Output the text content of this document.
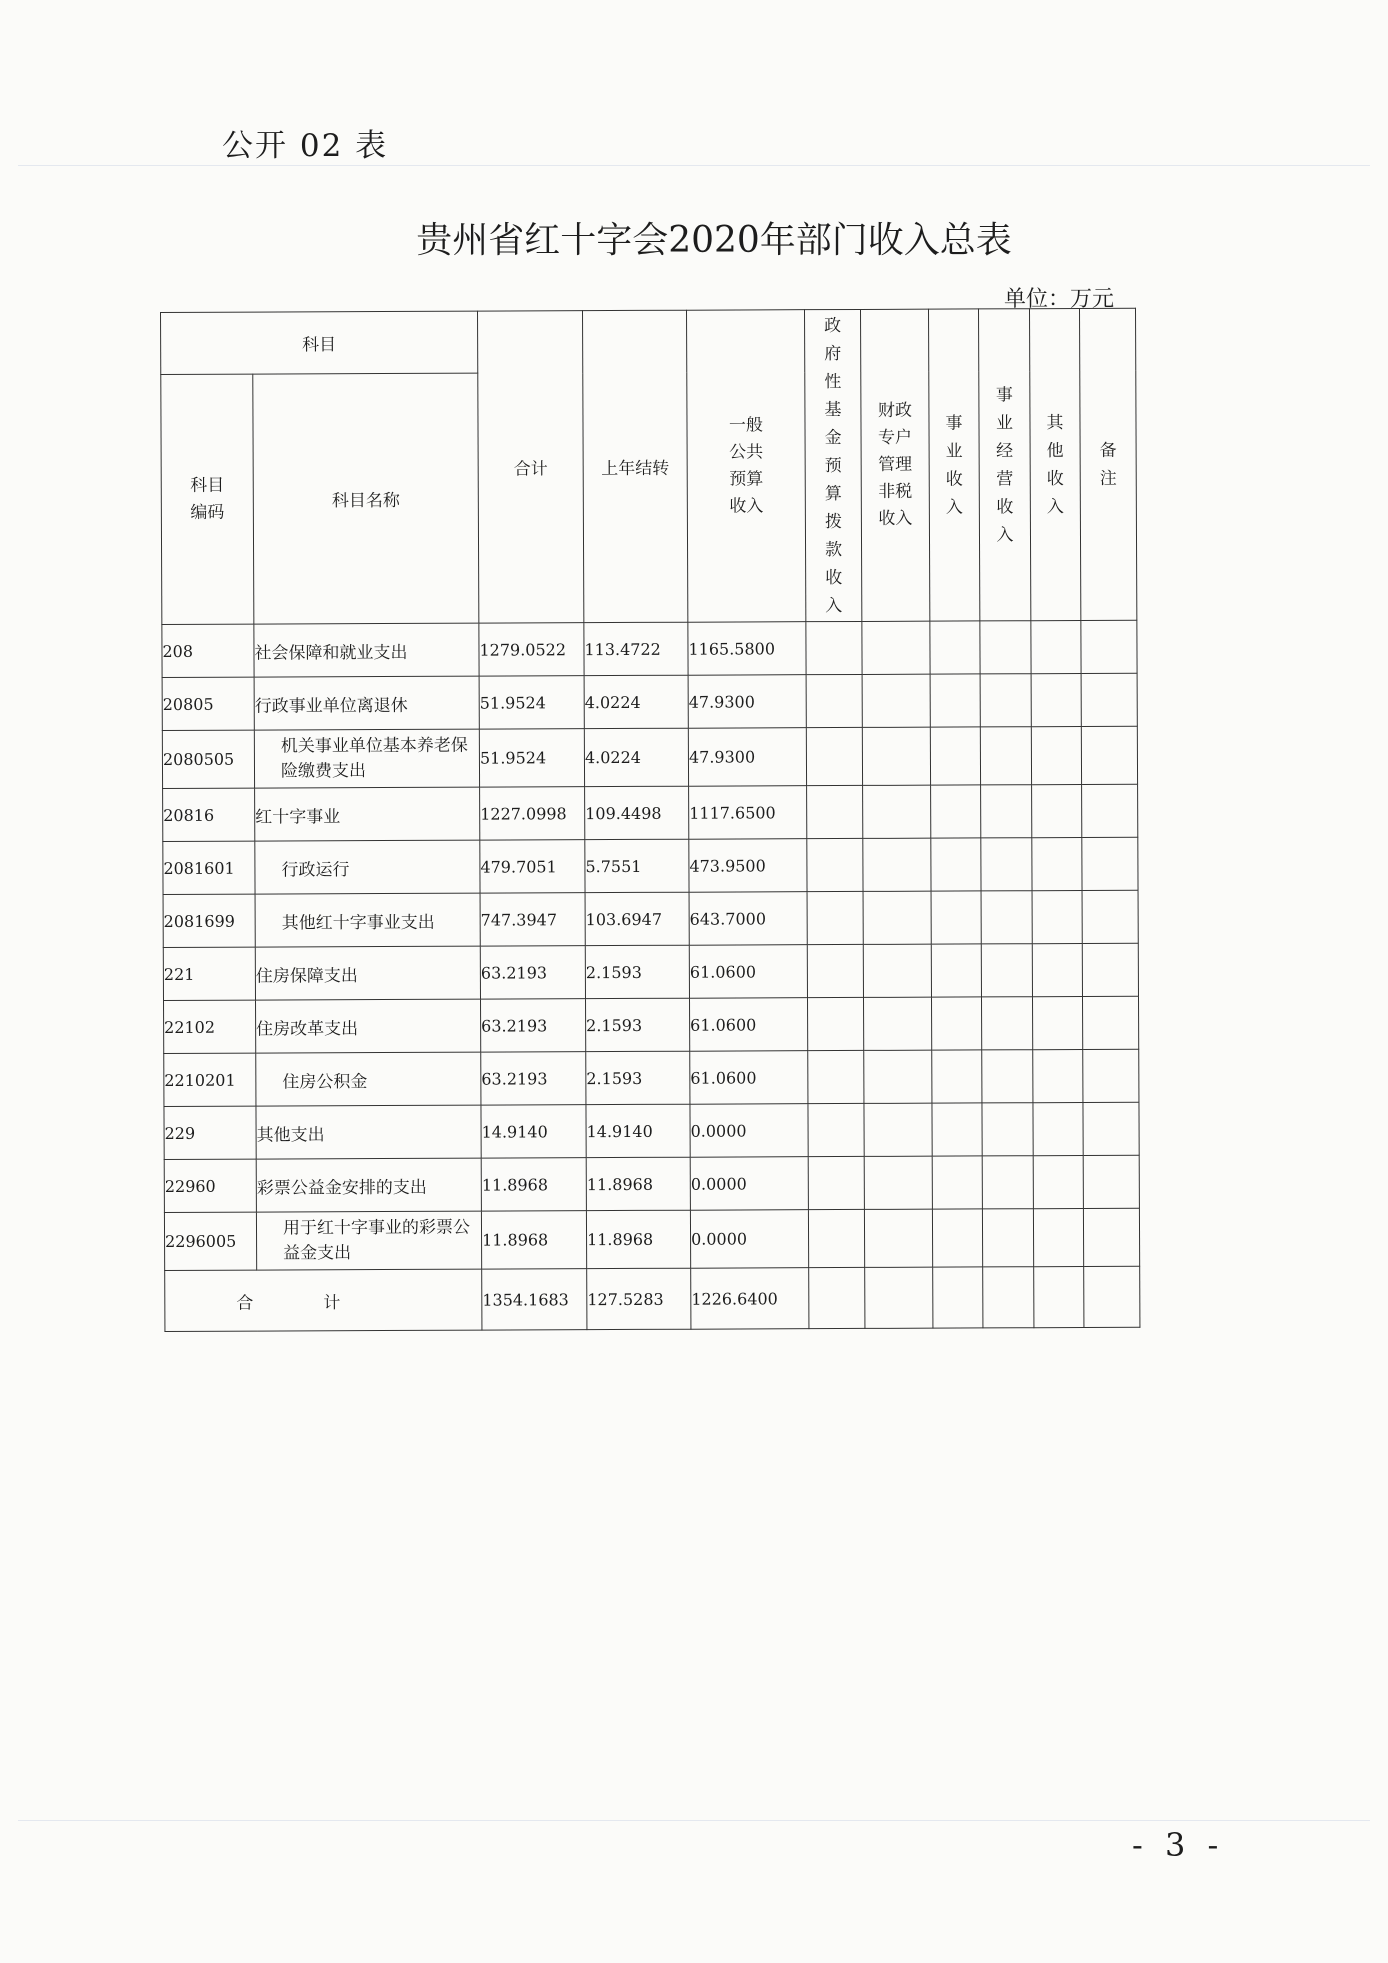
公开 02 表
贵州省红十字会2020年部门收入总表
单位：万元
科目		合计	上年结转	一般公共预算收入	政府性基金预算拨款收入	财政专户管理非税收入	事业收入	事业经营收入	其他收入	备注
科目编码	科目名称									
208	社会保障和就业支出	1279.0522	113.4722	1165.5800						
20805	行政事业单位离退休	51.9524	4.0224	47.9300						
2080505	机关事业单位基本养老保险缴费支出	51.9524	4.0224	47.9300						
20816	红十字事业	1227.0998	109.4498	1117.6500						
2081601	行政运行	479.7051	5.7551	473.9500						
2081699	其他红十字事业支出	747.3947	103.6947	643.7000						
221	住房保障支出	63.2193	2.1593	61.0600						
22102	住房改革支出	63.2193	2.1593	61.0600						
2210201	住房公积金	63.2193	2.1593	61.0600						
229	其他支出	14.9140	14.9140	0.0000						
22960	彩票公益金安排的支出	11.8968	11.8968	0.0000						
2296005	用于红十字事业的彩票公益金支出	11.8968	11.8968	0.0000						
合计		1354.1683	127.5283	1226.6400						
- 3 -
